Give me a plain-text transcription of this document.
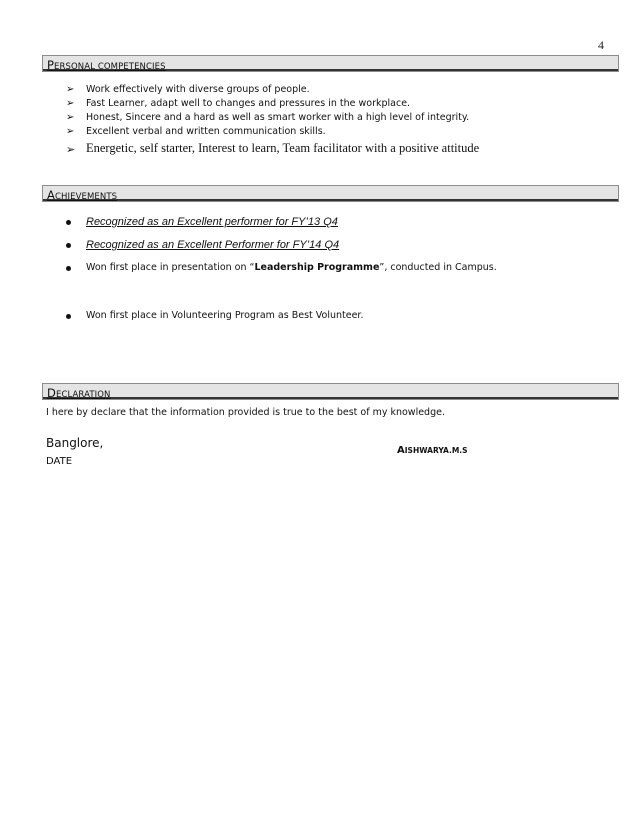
4
PERSONAL COMPETENCIES
➢ Work effectively with diverse groups of people.
➢ Fast Learner, adapt well to changes and pressures in the workplace.
➢ Honest, Sincere and a hard as well as smart worker with a high level of integrity.
➢ Excellent verbal and written communication skills.
➢ Energetic, self starter, Interest to learn, Team facilitator with a positive attitude
ACHIEVEMENTS
Recognized as an Excellent performer for FY’13 Q4
Recognized as an Excellent Performer for FY’14 Q4
Won first place in presentation on “Leadership Programme”, conducted in Campus.
Won first place in Volunteering Program as Best Volunteer.
DECLARATION
I here by declare that the information provided is true to the best of my knowledge.
Banglore,
DATE
AISHWARYA.M.S
